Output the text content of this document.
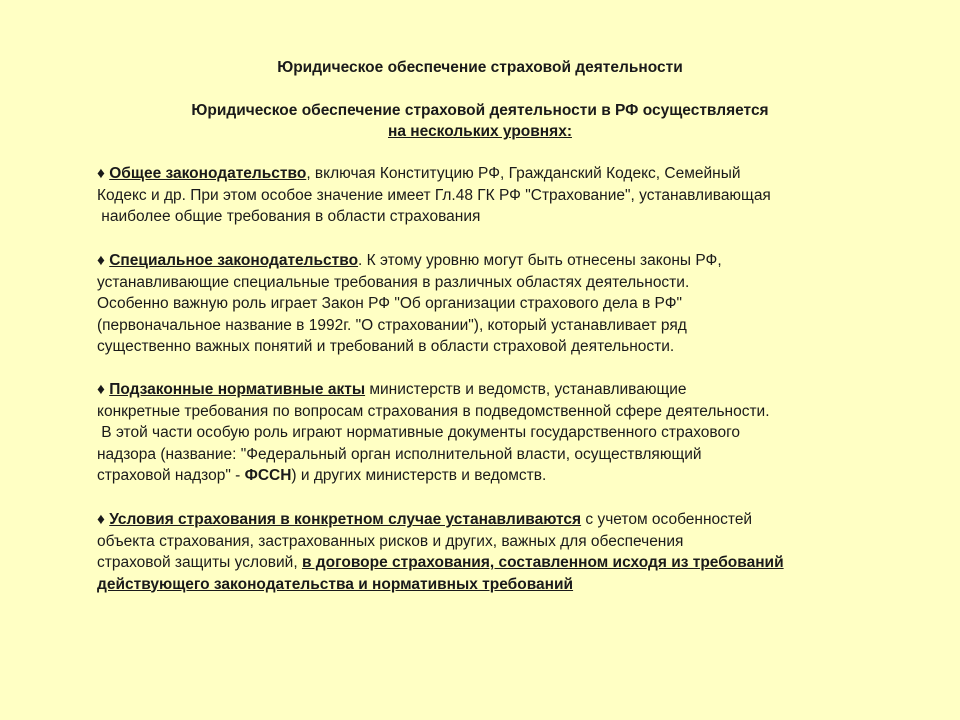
Юридическое обеспечение страховой деятельности
Юридическое обеспечение страховой деятельности в РФ осуществляется
на нескольких уровнях:
♦ Общее законодательство, включая Конституцию РФ, Гражданский Кодекс, Семейный
Кодекс и др. При этом особое значение имеет Гл.48 ГК РФ "Страхование", устанавливающая
наиболее общие требования в области страхования
♦ Специальное законодательство. К этому уровню могут быть отнесены законы РФ,
устанавливающие специальные требования в различных областях деятельности.
Особенно важную роль играет Закон РФ "Об организации страхового дела в РФ"
(первоначальное название в 1992г. "О страховании"), который устанавливает ряд
существенно важных понятий и требований в области страховой деятельности.
♦ Подзаконные нормативные акты министерств и ведомств, устанавливающие
конкретные требования по вопросам страхования в подведомственной сфере деятельности.
В этой части особую роль играют нормативные документы государственного страхового
надзора (название: "Федеральный орган исполнительной власти, осуществляющий
страховой надзор" - ФССН) и других министерств и ведомств.
♦ Условия страхования в конкретном случае устанавливаются с учетом особенностей
объекта страхования, застрахованных рисков и других, важных для обеспечения
страховой защиты условий, в договоре страхования, составленном исходя из требований
действующего законодательства и нормативных требований
